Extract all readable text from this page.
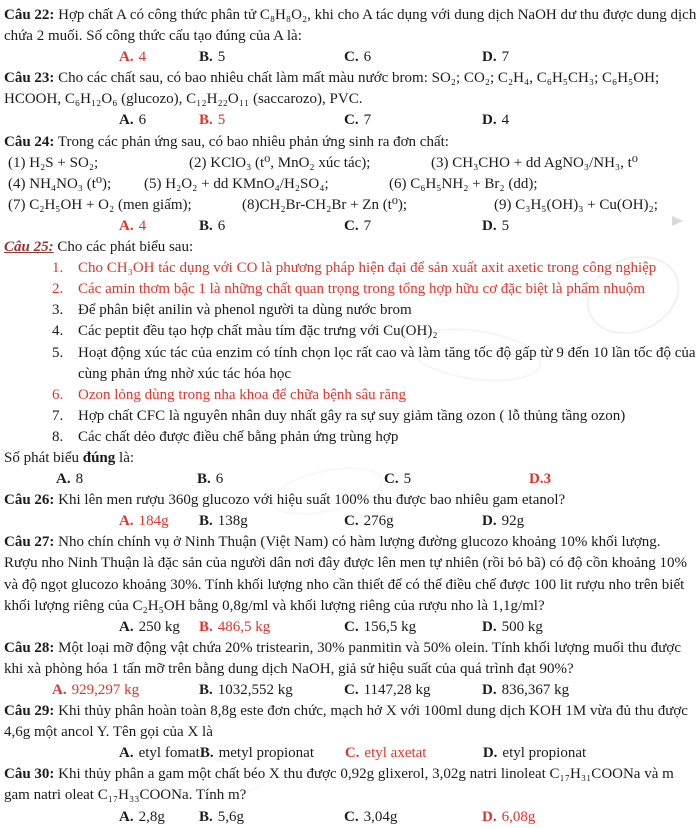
Câu 22: Hợp chất A có công thức phân tử C₈H₈O₂, khi cho A tác dụng với dung dịch NaOH dư thu được dung dịch chứa 2 muối. Số công thức cấu tạo đúng của A là:

A. 4	B. 5	C. 6	D. 7

Câu 23: Cho các chất sau, có bao nhiêu chất làm mất màu nước brom: SO₂; CO₂; C₂H₄, C₆H₅CH₃; C₆H₅OH; HCOOH, C₆H₁₂O₆ (glucozo), C₁₂H₂₂O₁₁ (saccarozo), PVC.

A. 6	B. 5	C. 7	D. 4

Câu 24: Trong các phản ứng sau, có bao nhiêu phản ứng sinh ra đơn chất:

(1) H₂S + SO₂;	(2) KClO₃ (t⁰, MnO₂ xúc tác);	(3) CH₃CHO + dd AgNO₃/NH₃, t⁰
(4) NH₄NO₃ (t⁰);	(5) H₂O₂ + dd KMnO₄/H₂SO₄;	(6) C₆H₅NH₂ + Br₂ (dd);
(7) C₂H₅OH + O₂ (men giấm);	(8)CH₂Br-CH₂Br + Zn (t⁰);	(9) C₃H₅(OH)₃ + Cu(OH)₂;
A. 4	B. 6	C. 7	D. 5

Câu 25: Cho các phát biểu sau:

1. Cho CH₃OH tác dụng với CO là phương pháp hiện đại để sản xuất axit axetic trong công nghiệp
2. Các amin thơm bậc 1 là những chất quan trọng trong tổng hợp hữu cơ đặc biệt là phẩm nhuộm
3. Để phân biệt anilin và phenol người ta dùng nước brom
4. Các peptit đều tạo hợp chất màu tím đặc trưng với Cu(OH)₂
5. Hoạt động xúc tác của enzim có tính chọn lọc rất cao và làm tăng tốc độ gấp từ 9 đến 10 lần tốc độ của cùng phản ứng nhờ xúc tác hóa học
6. Ozon lỏng dùng trong nha khoa để chữa bệnh sâu răng
7. Hợp chất CFC là nguyên nhân duy nhất gây ra sự suy giảm tầng ozon ( lỗ thủng tầng ozon)
8. Các chất dẻo được điều chế bằng phản ứng trùng hợp

Số phát biểu đúng là:

A. 8	B. 6	C. 5	D.3

Câu 26: Khi lên men rượu 360g glucozo với hiệu suất 100% thu được bao nhiêu gam etanol?

A. 184g	B. 138g	C. 276g	D. 92g

Câu 27: Nho chín chính vụ ở Ninh Thuận (Việt Nam) có hàm lượng đường glucozo khoảng 10% khối lượng. Rượu nho Ninh Thuận là đặc sản của người dân nơi đây được lên men tự nhiên (rồi bỏ bã) có độ cồn khoảng 10% và độ ngọt glucozo khoảng 30%. Tính khối lượng nho cần thiết để có thể điều chế được 100 lit rượu nho trên biết khối lượng riêng của C₂H₅OH bằng 0,8g/ml và khối lượng riêng của rượu nho là 1,1g/ml?

A. 250 kg	B. 486,5 kg	C. 156,5 kg	D. 500 kg

Câu 28: Một loại mỡ động vật chứa 20% tristearin, 30% panmitin và 50% olein. Tính khối lượng muối thu được khi xà phòng hóa 1 tấn mỡ trên bằng dung dịch NaOH, giả sử hiệu suất của quá trình đạt 90%?

A. 929,297 kg	B. 1032,552 kg	C. 1147,28 kg	D. 836,367 kg

Câu 29: Khi thủy phân hoàn toàn 8,8g este đơn chức, mạch hở X với 100ml dung dịch KOH 1M vừa đủ thu được 4,6g một ancol Y. Tên gọi của X là

A. etyl fomat B. metyl propionat	C. etyl axetat	D. etyl propionat

Câu 30: Khi thủy phân a gam một chất béo X thu được 0,92g glixerol, 3,02g natri linoleat C₁₇H₃₁COONa và m gam natri oleat C₁₇H₃₃COONa. Tính m?

A. 2,8g	B. 5,6g	C. 3,04g	D. 6,08g
